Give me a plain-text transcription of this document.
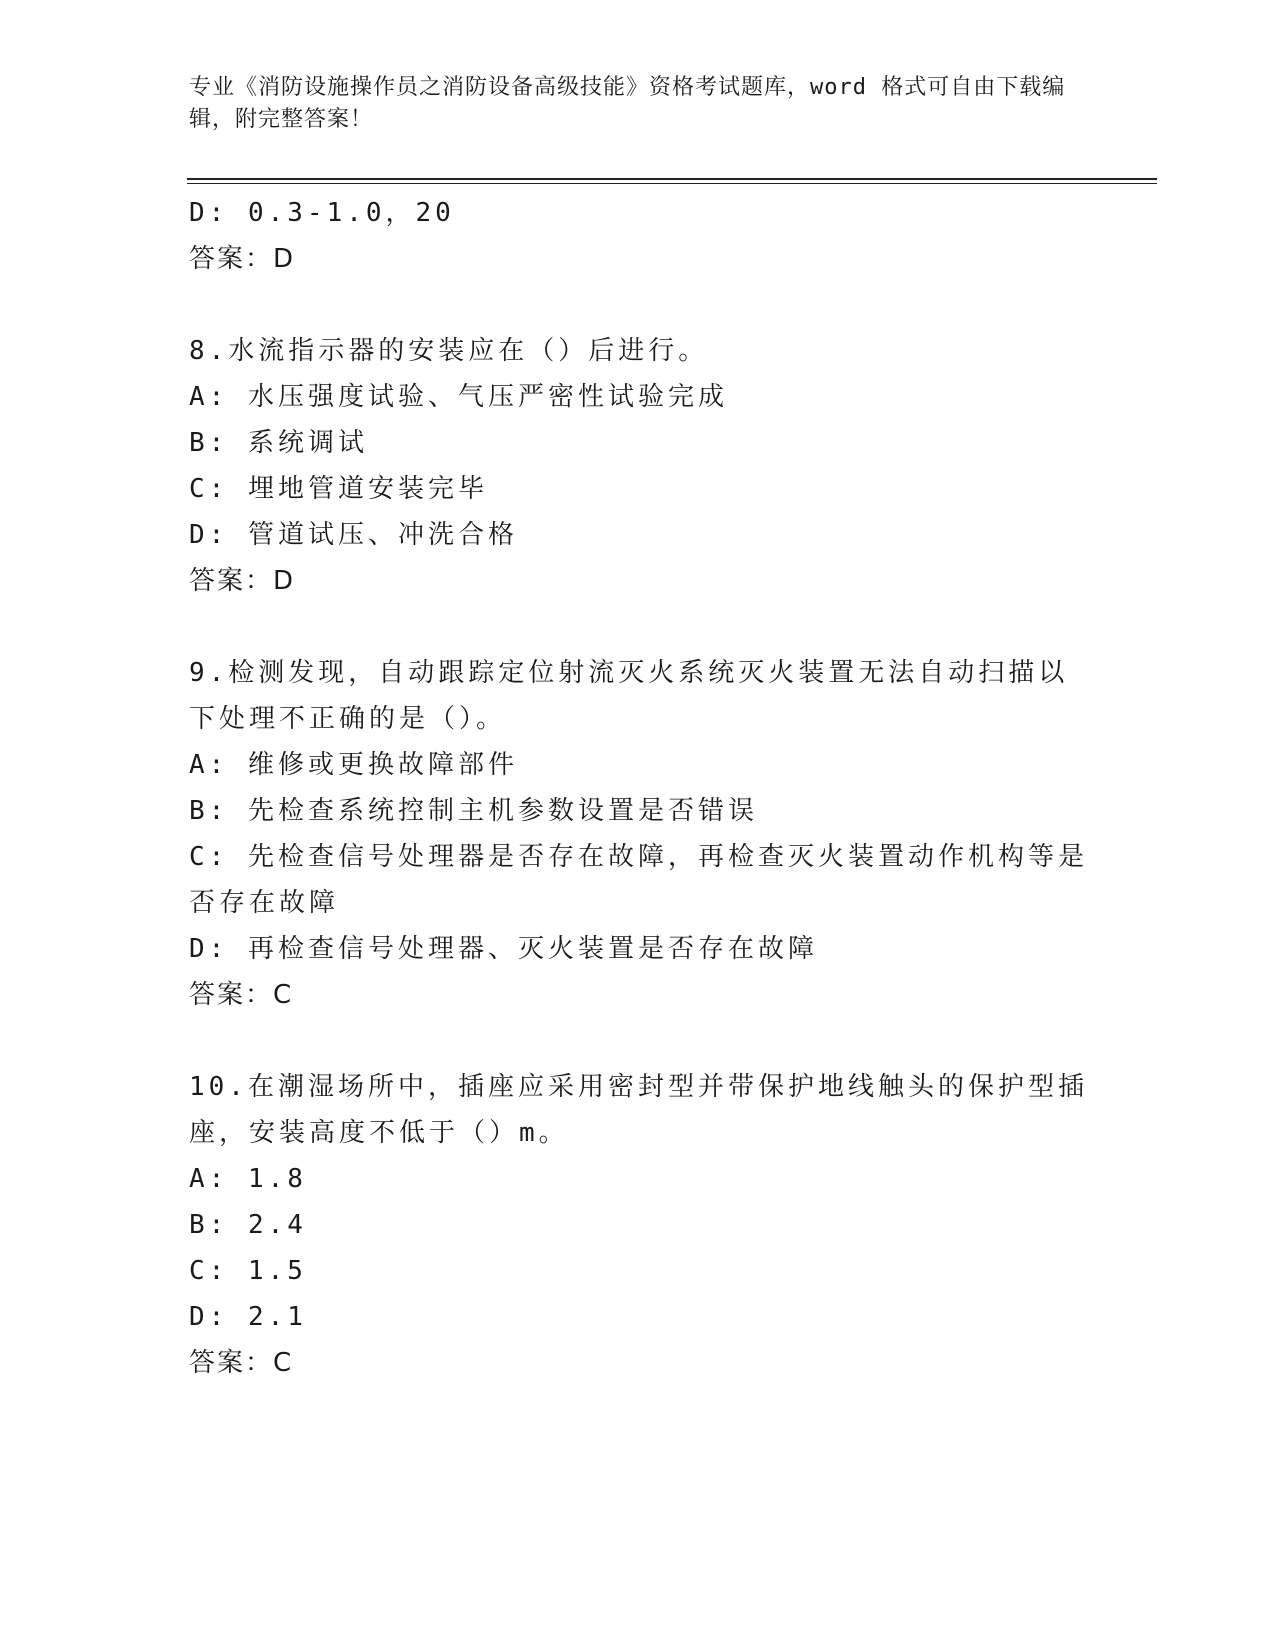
专业《消防设施操作员之消防设备高级技能》资格考试题库，word 格式可自由下载编辑，附完整答案！
D: 0.3-1.0，20
答案：D
8.水流指示器的安装应在（）后进行。
A: 水压强度试验、气压严密性试验完成
B: 系统调试
C: 埋地管道安装完毕
D: 管道试压、冲洗合格
答案：D
9.检测发现，自动跟踪定位射流灭火系统灭火装置无法自动扫描以下处理不正确的是（）。
A: 维修或更换故障部件
B: 先检查系统控制主机参数设置是否错误
C: 先检查信号处理器是否存在故障，再检查灭火装置动作机构等是否存在故障
D: 再检查信号处理器、灭火装置是否存在故障
答案：C
10.在潮湿场所中，插座应采用密封型并带保护地线触头的保护型插座，安装高度不低于（）m。
A: 1.8
B: 2.4
C: 1.5
D: 2.1
答案：C
